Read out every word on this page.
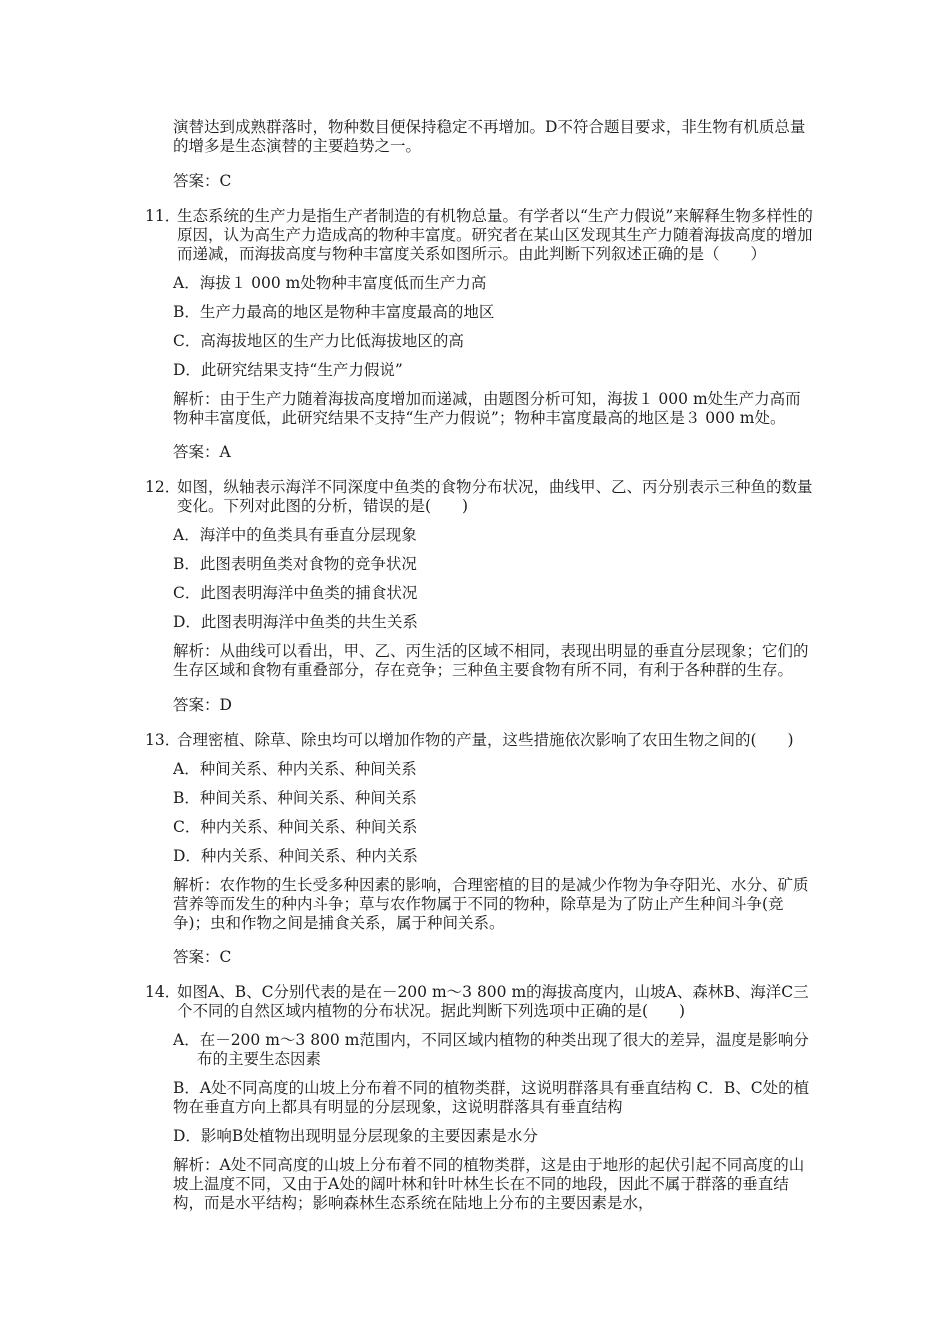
演替达到成熟群落时，物种数目便保持稳定不再增加。D不符合题目要求，非生物有机质总量的增多是生态演替的主要趋势之一。

答案：C

11．
生态系统的生产力是指生产者制造的有机物总量。有学者以“生产力假说”来解释生物多样性的原因，认为高生产力造成高的物种丰富度。研究者在某山区发现其生产力随着海拔高度的增加而递减，而海拔高度与物种丰富度关系如图所示。由此判断下列叙述正确的是（　　）

A．海拔１ 000 m处物种丰富度低而生产力高

B．生产力最高的地区是物种丰富度最高的地区

C．高海拔地区的生产力比低海拔地区的高

D．此研究结果支持“生产力假说”

解析：由于生产力随着海拔高度增加而递减，由题图分析可知，海拔１ 000 m处生产力高而物种丰富度低，此研究结果不支持“生产力假说”；物种丰富度最高的地区是３ 000 m处。

答案：A

12．
如图，纵轴表示海洋不同深度中鱼类的食物分布状况，曲线甲、乙、丙分别表示三种鱼的数量变化。下列对此图的分析，错误的是(　　)

A．海洋中的鱼类具有垂直分层现象

B．此图表明鱼类对食物的竞争状况

C．此图表明海洋中鱼类的捕食状况

D．此图表明海洋中鱼类的共生关系

解析：从曲线可以看出，甲、乙、丙生活的区域不相同，表现出明显的垂直分层现象；它们的生存区域和食物有重叠部分，存在竞争；三种鱼主要食物有所不同，有利于各种群的生存。

答案：D

13．
合理密植、除草、除虫均可以增加作物的产量，这些措施依次影响了农田生物之间的(　　)

A．种间关系、种内关系、种间关系

B．种间关系、种间关系、种间关系

C．种内关系、种间关系、种间关系

D．种内关系、种间关系、种内关系

解析：农作物的生长受多种因素的影响，合理密植的目的是减少作物为争夺阳光、水分、矿质营养等而发生的种内斗争；草与农作物属于不同的物种，除草是为了防止产生种间斗争(竞争)；虫和作物之间是捕食关系，属于种间关系。

答案：C

14．
如图A、B、C分别代表的是在－200 m～3 800 m的海拔高度内，山坡A、森林B、海洋C三个不同的自然区域内植物的分布状况。据此判断下列选项中正确的是(　　)

A．在－200 m～3 800 m范围内，不同区域内植物的种类出现了很大的差异，温度是影响分布的主要生态因素

B．A处不同高度的山坡上分布着不同的植物类群，这说明群落具有垂直结构 C．B、C处的植物在垂直方向上都具有明显的分层现象，这说明群落具有垂直结构

D．影响B处植物出现明显分层现象的主要因素是水分

解析：A处不同高度的山坡上分布着不同的植物类群，这是由于地形的起伏引起不同高度的山坡上温度不同，又由于A处的阔叶林和针叶林生长在不同的地段，因此不属于群落的垂直结构，而是水平结构；影响森林生态系统在陆地上分布的主要因素是水，
